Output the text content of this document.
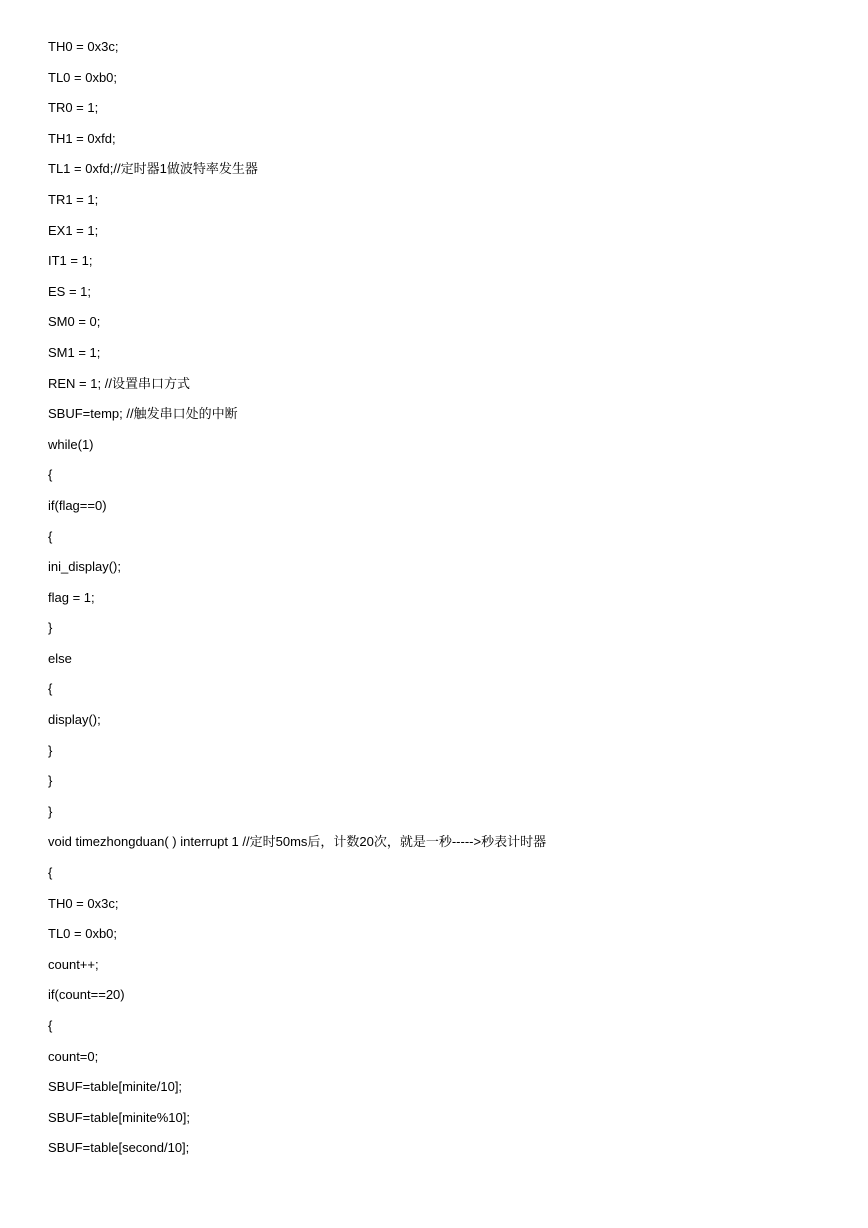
TH0 = 0x3c;
TL0 = 0xb0;
TR0 = 1;
TH1 = 0xfd;
TL1 = 0xfd;//定时器1做波特率发生器
TR1 = 1;
EX1 = 1;
IT1 = 1;
ES = 1;
SM0 = 0;
SM1 = 1;
REN = 1; //设置串口方式
SBUF=temp; //触发串口处的中断
while(1)
{
if(flag==0)
{
ini_display();
flag = 1;
}
else
{
display();
}
}
}
void timezhongduan( ) interrupt 1 //定时50ms后，计数20次，就是一秒----->秒表计时器
{
TH0 = 0x3c;
TL0 = 0xb0;
count++;
if(count==20)
{
count=0;
SBUF=table[minite/10];
SBUF=table[minite%10];
SBUF=table[second/10];
